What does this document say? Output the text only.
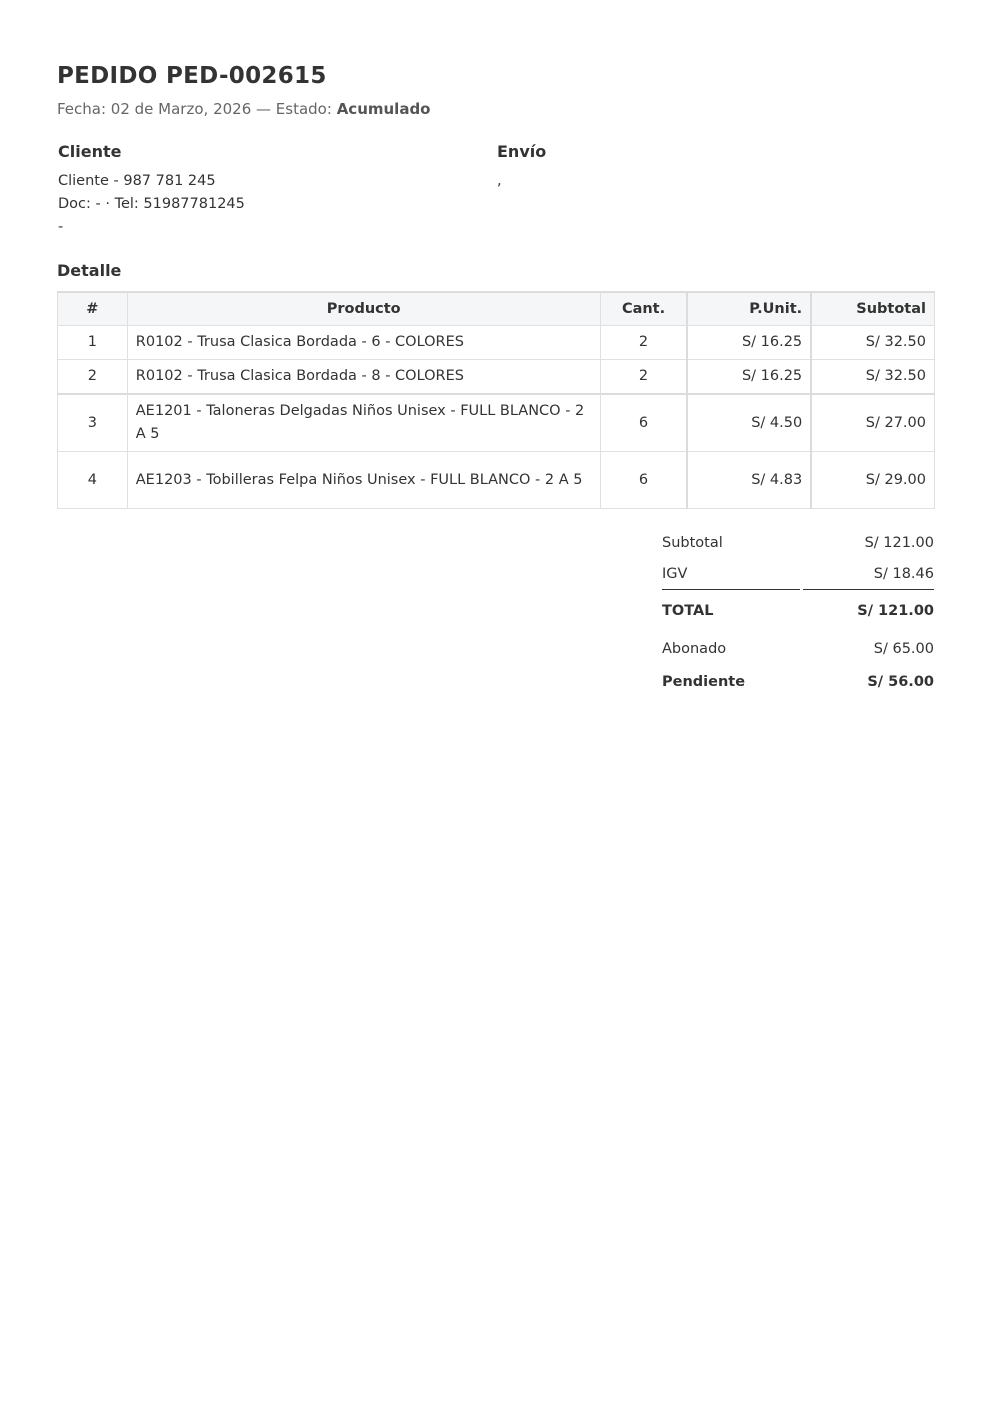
PEDIDO PED-002615
Fecha: 02 de Marzo, 2026 — Estado: Acumulado
Cliente
Cliente - 987 781 245
Doc: - · Tel: 51987781245
-
Envío
,
Detalle
#	Producto	Cant.	P.Unit.	Subtotal
1	R0102 - Trusa Clasica Bordada - 6 - COLORES	2	S/ 16.25	S/ 32.50
2	R0102 - Trusa Clasica Bordada - 8 - COLORES	2	S/ 16.25	S/ 32.50
3	AE1201 - Taloneras Delgadas Niños Unisex - FULL BLANCO - 2 A 5	6	S/ 4.50	S/ 27.00
4	AE1203 - Tobilleras Felpa Niños Unisex - FULL BLANCO - 2 A 5	6	S/ 4.83	S/ 29.00
Subtotal	S/ 121.00
IGV	S/ 18.46
TOTAL	S/ 121.00
Abonado	S/ 65.00
Pendiente	S/ 56.00
